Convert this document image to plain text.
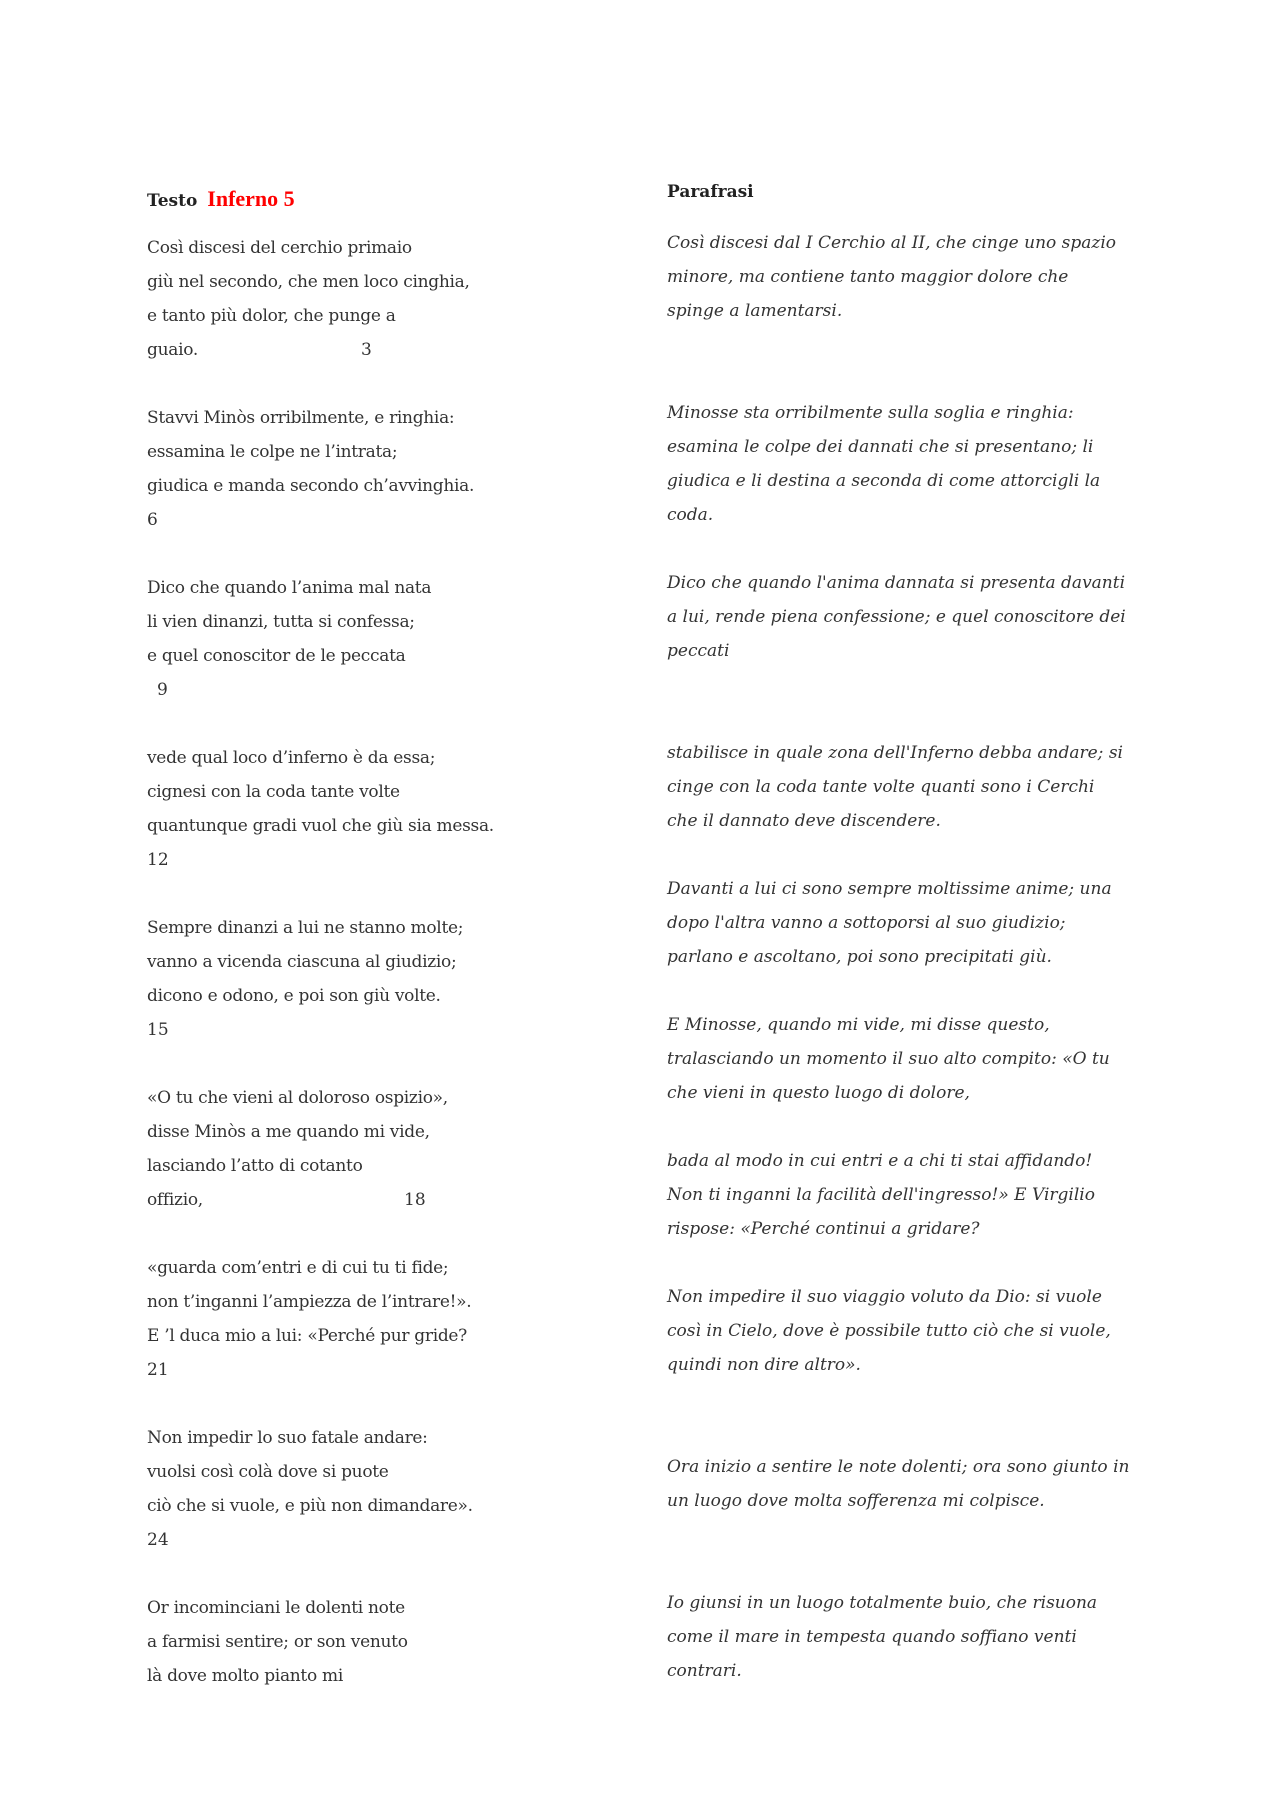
Testo Inferno 5	Parafrasi
Così discesi del cerchio primaio
giù nel secondo, che men loco cinghia,
e tanto più dolor, che punge a
guaio.	3
Stavvi Minòs orribilmente, e ringhia:
essamina le colpe ne l’intrata;
giudica e manda secondo ch’avvinghia.
6
Dico che quando l’anima mal nata
li vien dinanzi, tutta si confessa;
e quel conoscitor de le peccata
9
vede qual loco d’inferno è da essa;
cignesi con la coda tante volte
quantunque gradi vuol che giù sia messa.
12
Sempre dinanzi a lui ne stanno molte;
vanno a vicenda ciascuna al giudizio;
dicono e odono, e poi son giù volte.
15
«O tu che vieni al doloroso ospizio»,
disse Minòs a me quando mi vide,
lasciando l’atto di cotanto
offizio,	18
«guarda com’entri e di cui tu ti fide;
non t’inganni l’ampiezza de l’intrare!».
E ’l duca mio a lui: «Perché pur gride?
21
Non impedir lo suo fatale andare:
vuolsi così colà dove si puote
ciò che si vuole, e più non dimandare».
24
Or incominciani le dolenti note
a farmisi sentire; or son venuto
là dove molto pianto mi
Così discesi dal I Cerchio al II, che cinge uno spazio
minore, ma contiene tanto maggior dolore che
spinge a lamentarsi.
Minosse sta orribilmente sulla soglia e ringhia:
esamina le colpe dei dannati che si presentano; li
giudica e li destina a seconda di come attorcigli la
coda.
Dico che quando l'anima dannata si presenta davanti
a lui, rende piena confessione; e quel conoscitore dei
peccati
stabilisce in quale zona dell'Inferno debba andare; si
cinge con la coda tante volte quanti sono i Cerchi
che il dannato deve discendere.
Davanti a lui ci sono sempre moltissime anime; una
dopo l'altra vanno a sottoporsi al suo giudizio;
parlano e ascoltano, poi sono precipitati giù.
E Minosse, quando mi vide, mi disse questo,
tralasciando un momento il suo alto compito: «O tu
che vieni in questo luogo di dolore,
bada al modo in cui entri e a chi ti stai affidando!
Non ti inganni la facilità dell'ingresso!» E Virgilio
rispose: «Perché continui a gridare?
Non impedire il suo viaggio voluto da Dio: si vuole
così in Cielo, dove è possibile tutto ciò che si vuole,
quindi non dire altro».
Ora inizio a sentire le note dolenti; ora sono giunto in
un luogo dove molta sofferenza mi colpisce.
Io giunsi in un luogo totalmente buio, che risuona
come il mare in tempesta quando soffiano venti
contrari.
